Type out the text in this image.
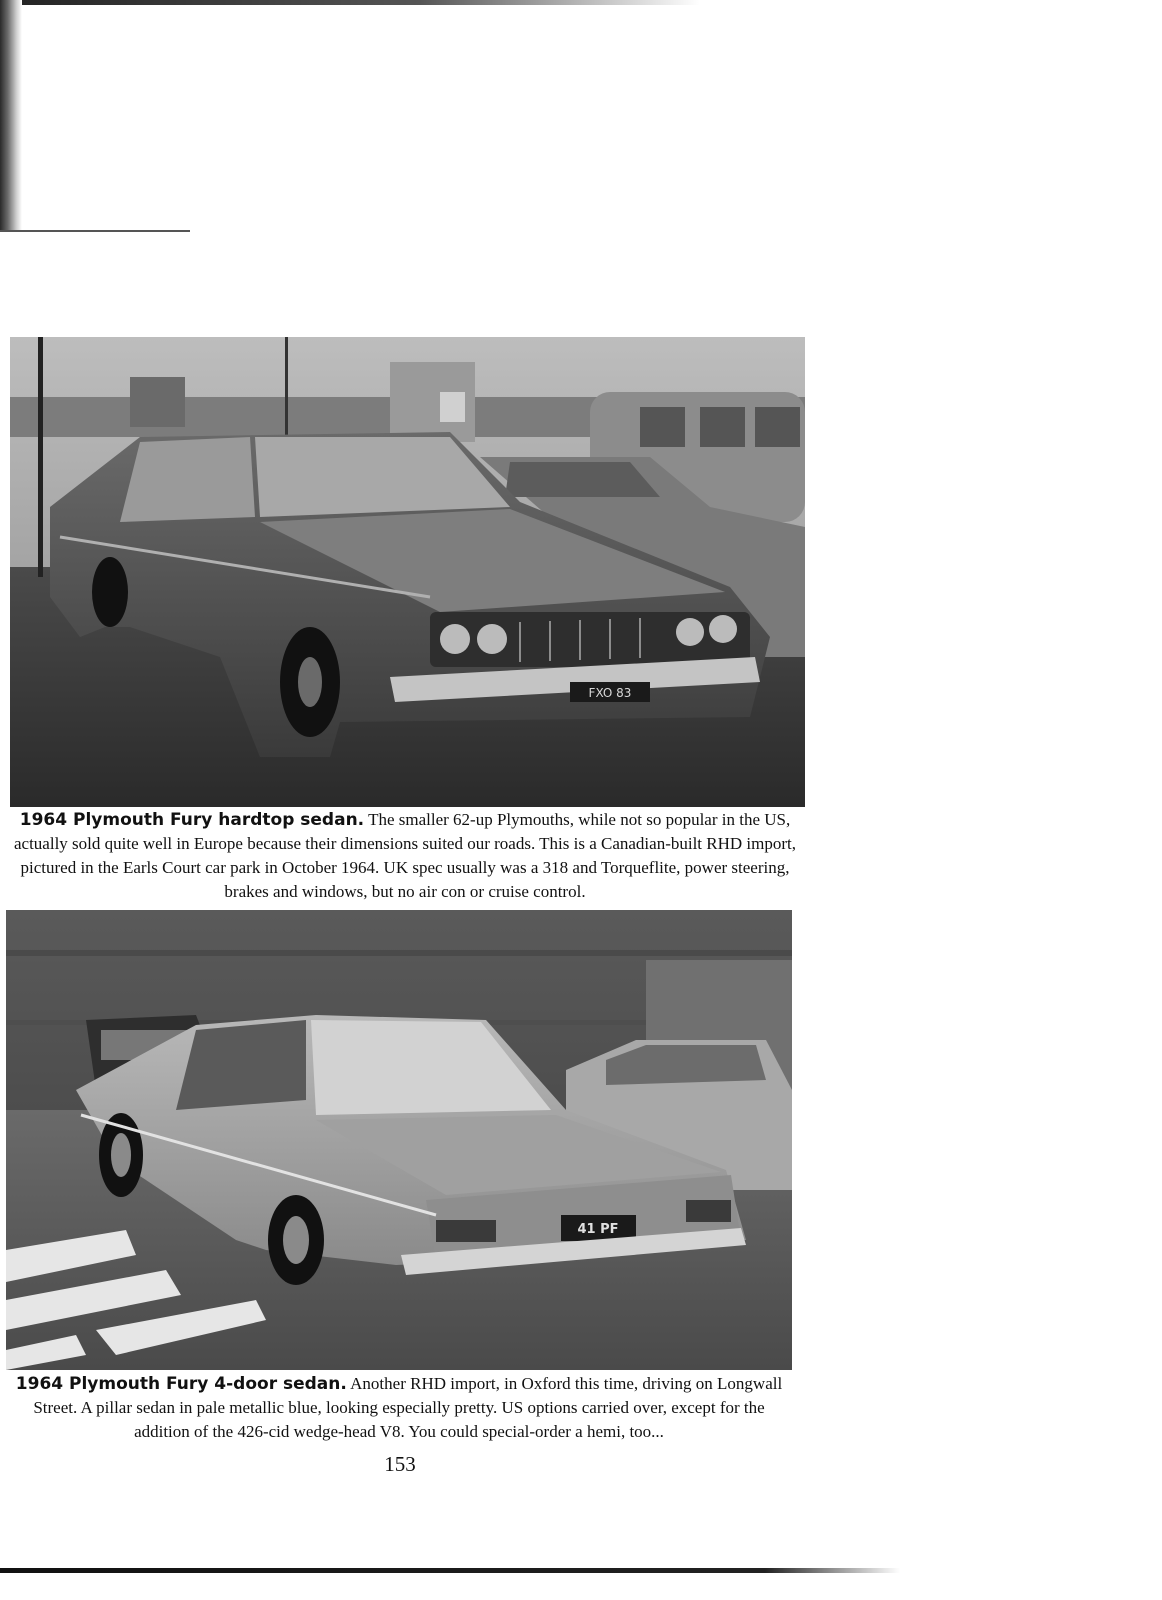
FXO 83
1964 Plymouth Fury hardtop sedan. The smaller 62-up Plymouths, while not so popular in the US, actually sold quite well in Europe because their dimensions suited our roads. This is a Canadian-built RHD import, pictured in the Earls Court car park in October 1964. UK spec usually was a 318 and Torqueflite, power steering, brakes and windows, but no air con or cruise control.
41 PF
1964 Plymouth Fury 4-door sedan. Another RHD import, in Oxford this time, driving on Longwall Street. A pillar sedan in pale metallic blue, looking especially pretty. US options carried over, except for the addition of the 426-cid wedge-head V8. You could special-order a hemi, too...
153
